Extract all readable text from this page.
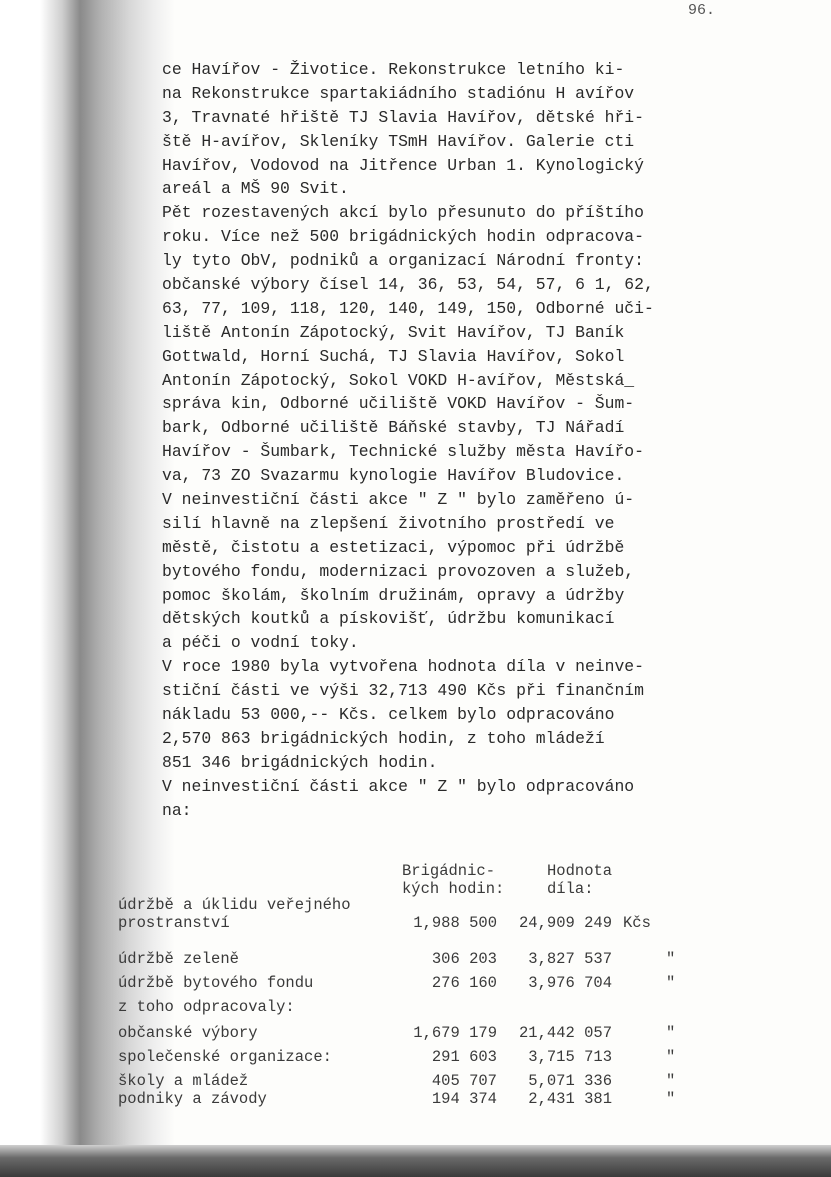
96.
ce Havířov - Životice. Rekonstrukce letního ki-
na Rekonstrukce spartakiádního stadiónu H avířov
3, Travnaté hřiště TJ Slavia Havířov, dětské hři-
ště H-avířov, Skleníky TSmH Havířov. Galerie cti
Havířov, Vodovod na Jitřence Urban 1. Kynologický
areál a MŠ 90 Svit.
Pět rozestavených akcí bylo přesunuto do příštího
roku. Více než 500 brigádnických hodin odpracova-
ly tyto ObV, podniků a organizací Národní fronty:
občanské výbory čísel 14, 36, 53, 54, 57, 6 1, 62,
63, 77, 109, 118, 120, 140, 149, 150, Odborné uči-
liště Antonín Zápotocký, Svit Havířov, TJ Baník
Gottwald, Horní Suchá, TJ Slavia Havířov, Sokol
Antonín Zápotocký, Sokol VOKD H-avířov, Městská_
správa kin, Odborné učiliště VOKD Havířov - Šum-
bark, Odborné učiliště Báňské stavby, TJ Nářadí
Havířov - Šumbark, Technické služby města Havířo-
va, 73 ZO Svazarmu kynologie Havířov Bludovice.
V neinvestiční části akce " Z " bylo zaměřeno ú-
silí hlavně na zlepšení životního prostředí ve
městě, čistotu a estetizaci, výpomoc při údržbě
bytového fondu, modernizaci provozoven a služeb,
pomoc školám, školním družinám, opravy a údržby
dětských koutků a pískovišť, údržbu komunikací
a péči o vodní toky.
V roce 1980 byla vytvořena hodnota díla v neinve-
stiční části ve výši 32,713 490 Kčs při finančním
nákladu 53 000,-- Kčs. celkem bylo odpracováno
2,570 863 brigádnických hodin, z toho mládeží
851 346 brigádnických hodin.
V neinvestiční části akce " Z " bylo odpracováno
na:
Brigádnic-
kých hodin:
Hodnota
díla:
údržbě a úklidu veřejného
prostranství	1,988 500 24,909 249 Kčs
údržbě zeleně	306 203 3,827 537	"
údržbě bytového fondu	276 160 3,976 704	"
z toho odpracovaly:
občanské výbory	1,679 179 21,442 057	"
společenské organizace:	291 603 3,715 713	"
školy a mládež	405 707 5,071 336	"
podniky a závody	194 374 2,431 381	"
